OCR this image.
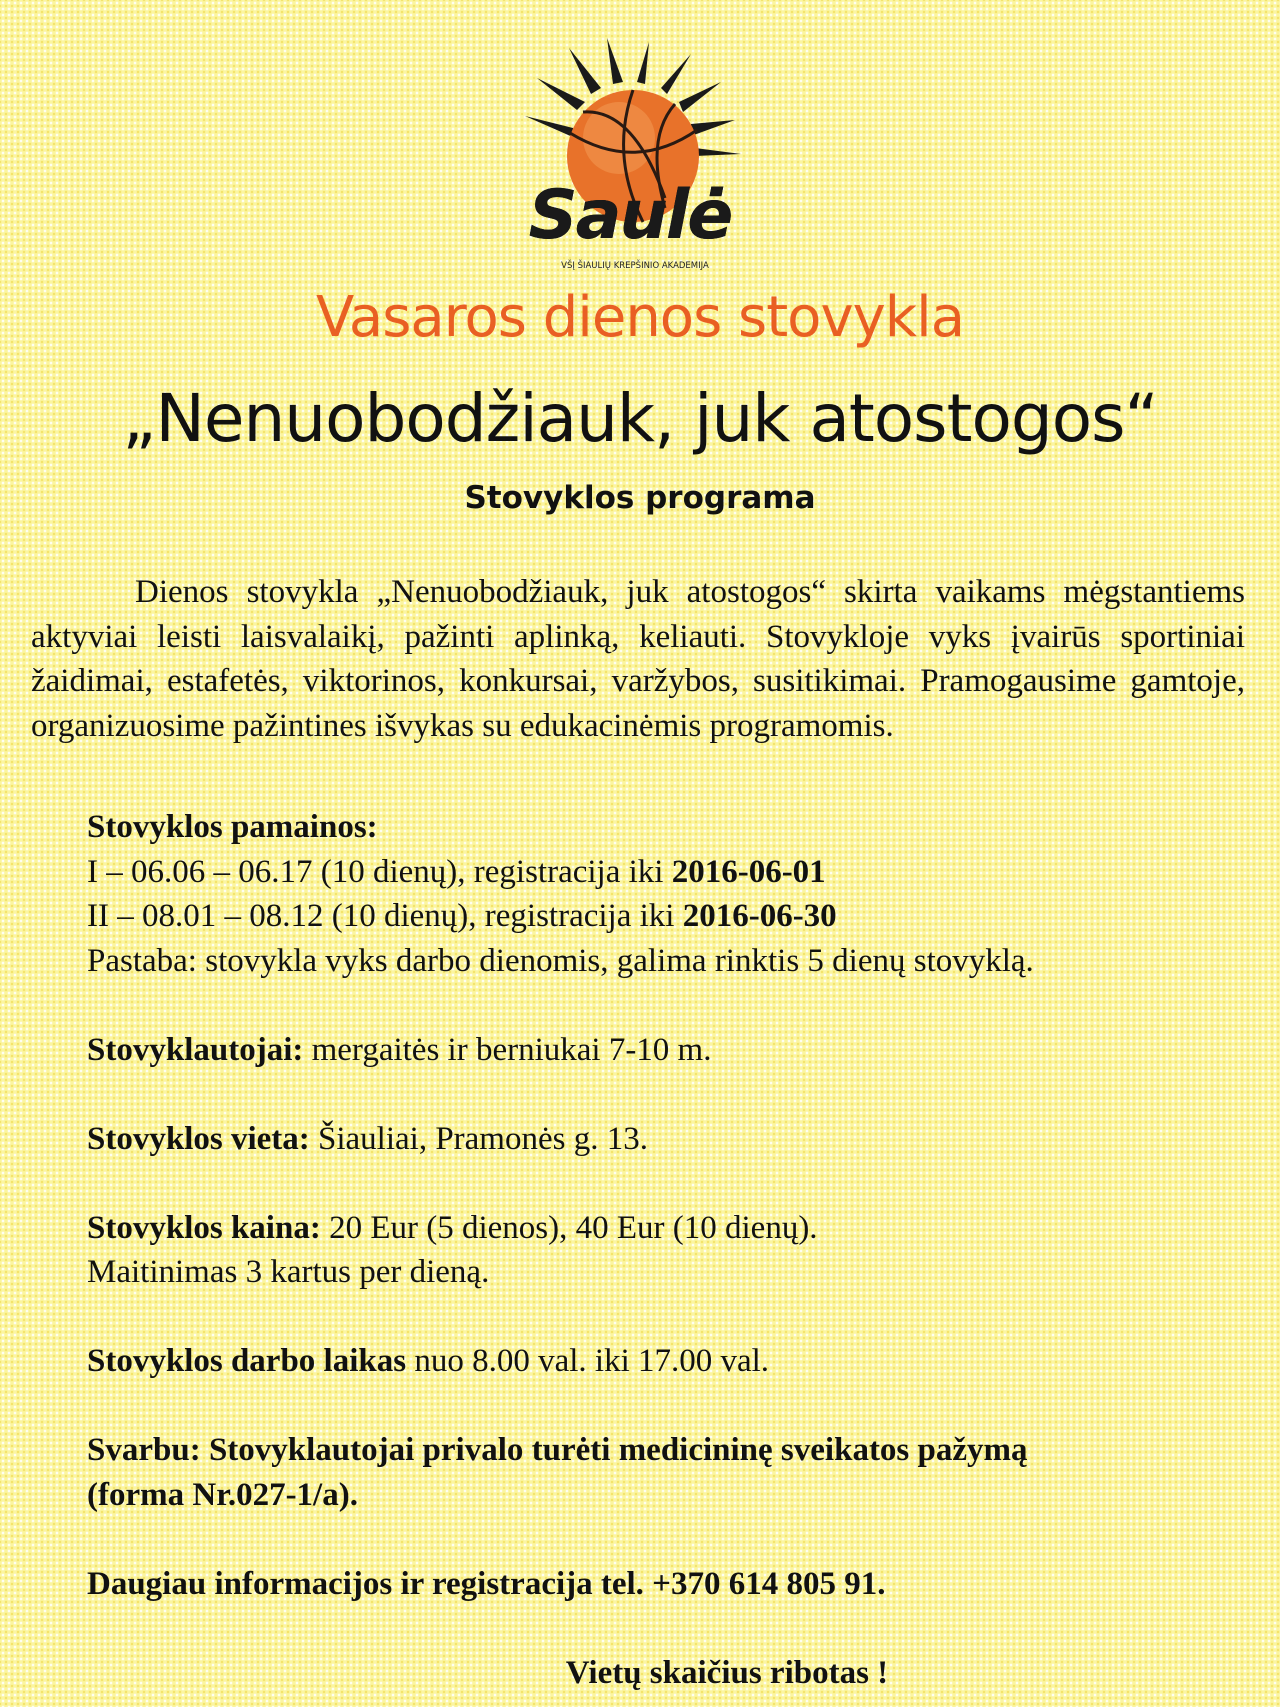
Saulė
VŠĮ ŠIAULIŲ KREPŠINIO AKADEMIJA
Vasaros dienos stovykla
„Nenuobodžiauk, juk atostogos“
Stovyklos programa

Dienos stovykla „Nenuobodžiauk, juk atostogos“ skirta vaikams mėgstantiems aktyviai leisti laisvalaikį, pažinti aplinką, keliauti. Stovykloje vyks įvairūs sportiniai žaidimai, estafetės, viktorinos, konkursai, varžybos, susitikimai. Pramogausime gamtoje, organizuosime pažintines išvykas su edukacinėmis programomis.

Stovyklos pamainos:

I – 06.06 – 06.17 (10 dienų), registracija iki 2016-06-01

II – 08.01 – 08.12 (10 dienų), registracija iki 2016-06-30

Pastaba: stovykla vyks darbo dienomis, galima rinktis 5 dienų stovyklą.

Stovyklautojai: mergaitės ir berniukai 7-10 m.

Stovyklos vieta: Šiauliai, Pramonės g. 13.

Stovyklos kaina: 20 Eur (5 dienos), 40 Eur (10 dienų).

Maitinimas 3 kartus per dieną.

Stovyklos darbo laikas nuo 8.00 val. iki 17.00 val.

Svarbu: Stovyklautojai privalo turėti medicininę sveikatos pažymą

(forma Nr.027-1/a).

Daugiau informacijos ir registracija tel. +370 614 805 91.

Vietų skaičius ribotas !
